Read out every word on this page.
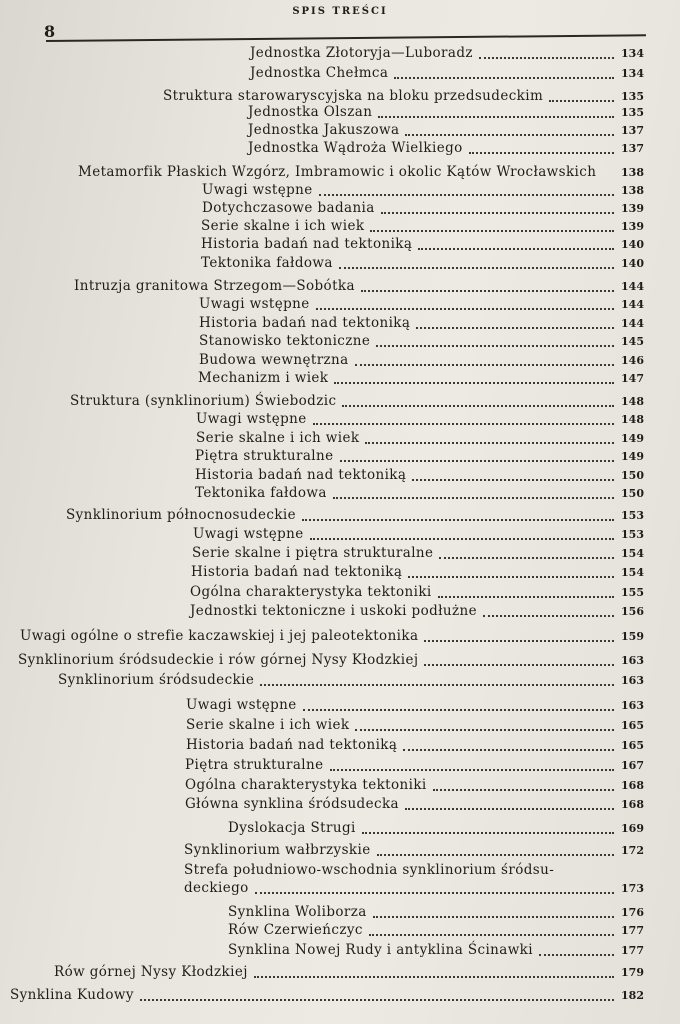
8
SPIS TREŚCI
Jednostka Złotoryja—Luboradz	134
Jednostka Chełmca	134
Struktura starowaryscyjska na bloku przedsudeckim	135
Jednostka Olszan	135
Jednostka Jakuszowa	137
Jednostka Wądroża Wielkiego	137
Metamorfik Płaskich Wzgórz, Imbramowic i okolic Kątów Wrocławskich 138
Uwagi wstępne	138
Dotychczasowe badania	139
Serie skalne i ich wiek	139
Historia badań nad tektoniką	140
Tektonika fałdowa	140
Intruzja granitowa Strzegom—Sobótka	144
Uwagi wstępne	144
Historia badań nad tektoniką	144
Stanowisko tektoniczne	145
Budowa wewnętrzna	146
Mechanizm i wiek	147
Struktura (synklinorium) Świebodzic	148
Uwagi wstępne	148
Serie skalne i ich wiek	149
Piętra strukturalne	149
Historia badań nad tektoniką	150
Tektonika fałdowa	150
Synklinorium północnosudeckie	153
Uwagi wstępne	153
Serie skalne i piętra strukturalne	154
Historia badań nad tektoniką	154
Ogólna charakterystyka tektoniki	155
Jednostki tektoniczne i uskoki podłużne	156
Uwagi ogólne o strefie kaczawskiej i jej paleotektonika	159
Synklinorium śródsudeckie i rów górnej Nysy Kłodzkiej	163
Synklinorium śródsudeckie	163
Uwagi wstępne	163
Serie skalne i ich wiek	165
Historia badań nad tektoniką	165
Piętra strukturalne	167
Ogólna charakterystyka tektoniki	168
Główna synklina śródsudecka	168
Dyslokacja Strugi	169
Synklinorium wałbrzyskie	172
Strefa południowo-wschodnia synklinorium śródsu-
deckiego	173
Synklina Woliborza	176
Rów Czerwieńczyc	177
Synklina Nowej Rudy i antyklina Ścinawki	177
Rów górnej Nysy Kłodzkiej	179
Synklina Kudowy	182
